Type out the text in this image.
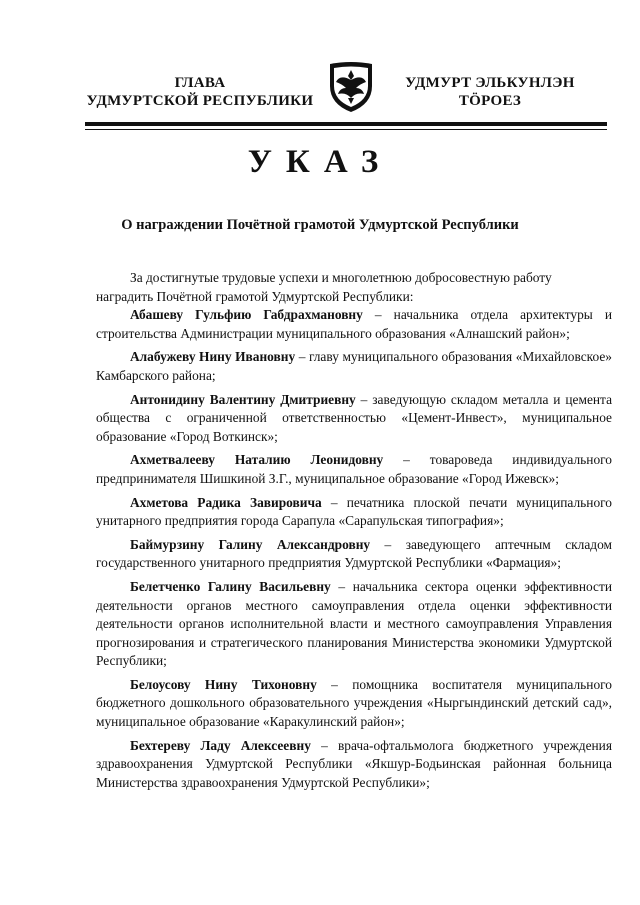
ГЛАВА
УДМУРТСКОЙ РЕСПУБЛИКИ
УДМУРТ ЭЛЬКУНЛЭН
ТӦРОЕЗ
УКАЗ
О награждении Почётной грамотой Удмуртской Республики

За достигнутые трудовые успехи и многолетнюю добросовестную работу
наградить Почётной грамотой Удмуртской Республики:

Абашеву Гульфию Габдрахмановну – начальника отдела архитектуры и строительства Администрации муниципального образования «Алнашский район»;

Алабужеву Нину Ивановну – главу муниципального образования «Михайловское» Камбарского района;

Антонидину Валентину Дмитриевну – заведующую складом металла и цемента общества с ограниченной ответственностью «Цемент-Инвест», муниципальное образование «Город Воткинск»;

Ахметвалееву Наталию Леонидовну – товароведа индивидуального предпринимателя Шишкиной З.Г., муниципальное образование «Город Ижевск»;

Ахметова Радика Завировича – печатника плоской печати муниципального унитарного предприятия города Сарапула «Сарапульская типография»;

Баймурзину Галину Александровну – заведующего аптечным складом государственного унитарного предприятия Удмуртской Республики «Фармация»;

Белетченко Галину Васильевну – начальника сектора оценки эффективности деятельности органов местного самоуправления отдела оценки эффективности деятельности органов исполнительной власти и местного самоуправления Управления прогнозирования и стратегического планирования Министерства экономики Удмуртской Республики;

Белоусову Нину Тихоновну – помощника воспитателя муниципального бюджетного дошкольного образовательного учреждения «Ныргындинский детский сад», муниципальное образование «Каракулинский район»;

Бехтереву Ладу Алексеевну – врача-офтальмолога бюджетного учреждения здравоохранения Удмуртской Республики «Якшур-Бодьинская районная больница Министерства здравоохранения Удмуртской Республики»;
